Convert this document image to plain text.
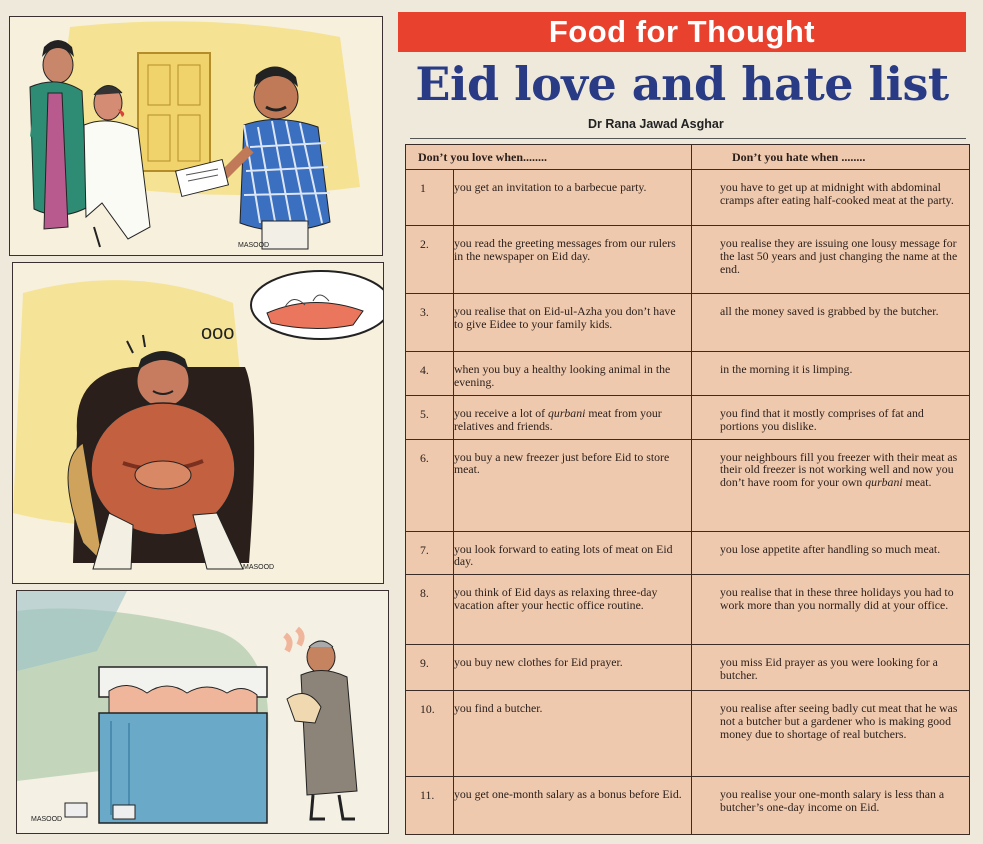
MASOOD
ooo
MASOOD
MASOOD
Food for Thought
Eid love and hate list
Dr Rana Jawad Asghar
Don’t you love when........		Don’t you hate when ........
1	you get an invitation to a barbecue party.	you have to get up at midnight with abdominal cramps after eating half-cooked meat at the party.
2.	you read the greeting messages from our rulers in the newspaper on Eid day.	you realise they are issuing one lousy message for the last 50 years and just changing the name at the end.
3.	you realise that on Eid-ul-Azha you don’t have to give Eidee to your family kids.	all the money saved is grabbed by the butcher.
4.	when you buy a healthy looking animal in the evening.	in the morning it is limping.
5.	you receive a lot of qurbani meat from your relatives and friends.	you find that it mostly comprises of fat and portions you dislike.
6.	you buy a new freezer just before Eid to store meat.	your neighbours fill you freezer with their meat as their old freezer is not working well and now you don’t have room for your own qurbani meat.
7.	you look forward to eating lots of meat on Eid day.	you lose appetite after handling so much meat.
8.	you think of Eid days as relaxing three-day vacation after your hectic office routine.	you realise that in these three holidays you had to work more than you normally did at your office.
9.	you buy new clothes for Eid prayer.	you miss Eid prayer as you were looking for a butcher.
10.	you find a butcher.	you realise after seeing badly cut meat that he was not a butcher but a gardener who is making good money due to shortage of real butchers.
11.	you get one-month salary as a bonus before Eid.	you realise your one-month salary is less than a butcher’s one-day income on Eid.
